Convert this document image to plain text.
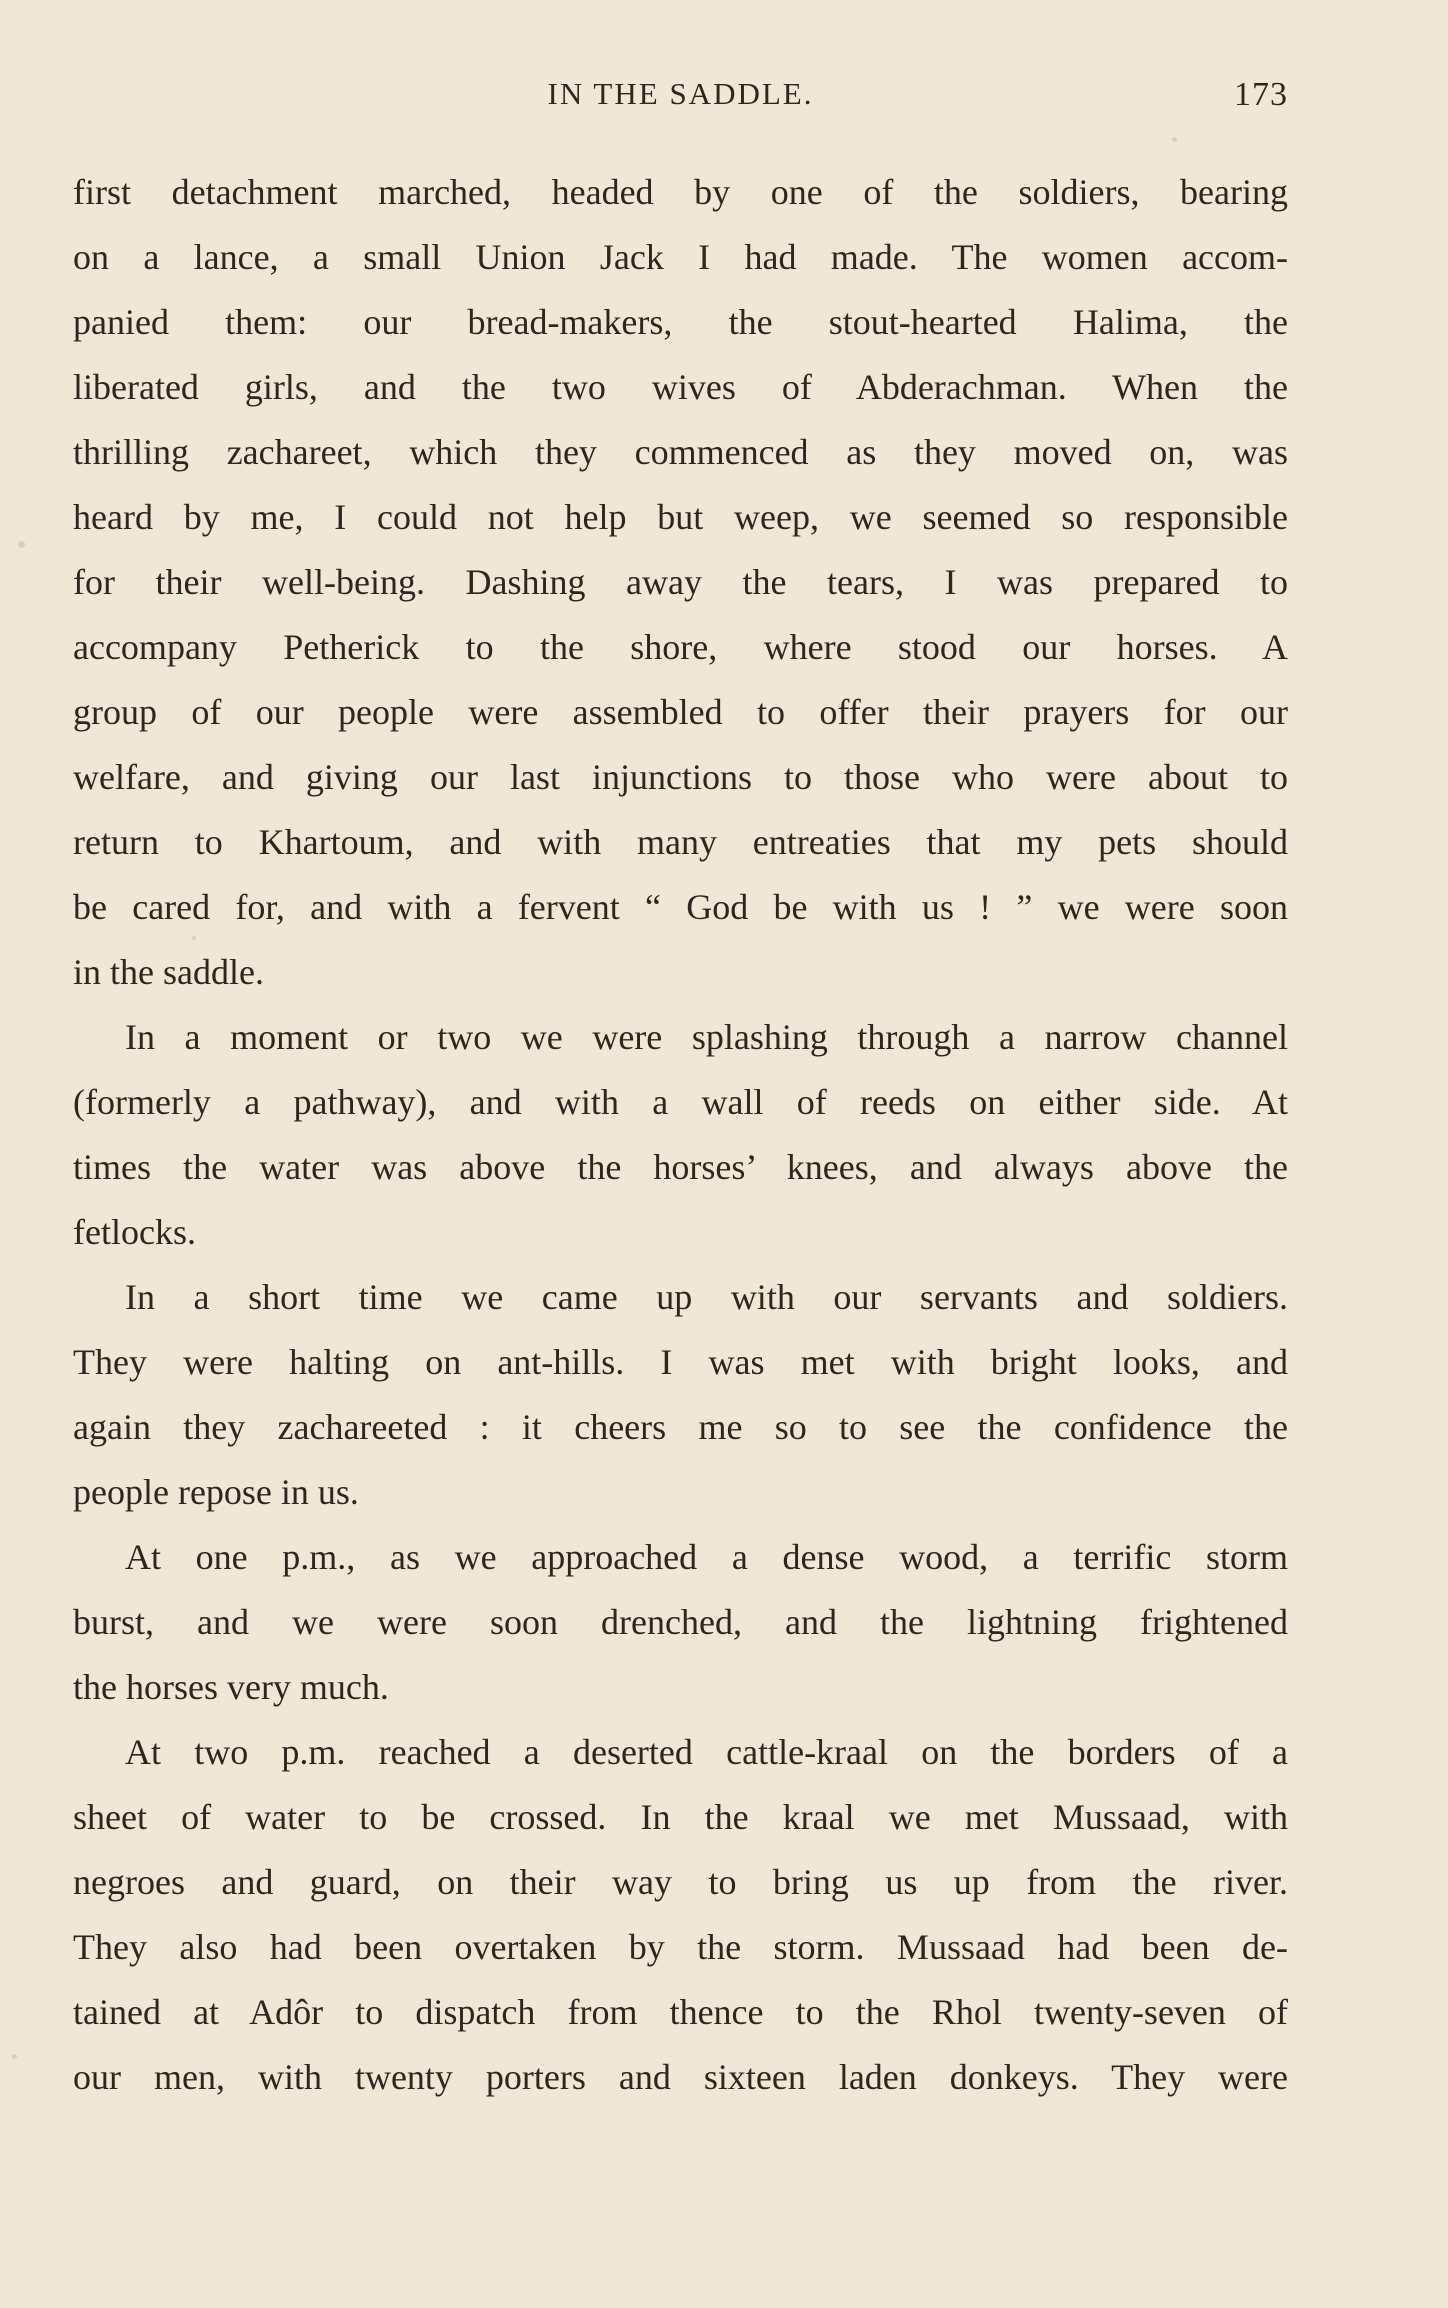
IN THE SADDLE.	173
first detachment marched, headed by one of the soldiers, bearing
on a lance, a small Union Jack I had made. The women accom-
panied them: our bread-makers, the stout-hearted Halima, the
liberated girls, and the two wives of Abderachman. When the
thrilling zachareet, which they commenced as they moved on, was
heard by me, I could not help but weep, we seemed so responsible
for their well-being. Dashing away the tears, I was prepared to
accompany Petherick to the shore, where stood our horses. A
group of our people were assembled to offer their prayers for our
welfare, and giving our last injunctions to those who were about to
return to Khartoum, and with many entreaties that my pets should
be cared for, and with a fervent “ God be with us ! ” we were soon
in the saddle.
In a moment or two we were splashing through a narrow channel
(formerly a pathway), and with a wall of reeds on either side. At
times the water was above the horses’ knees, and always above the
fetlocks.
In a short time we came up with our servants and soldiers.
They were halting on ant-hills. I was met with bright looks, and
again they zachareeted : it cheers me so to see the confidence the
people repose in us.
At one p.m., as we approached a dense wood, a terrific storm
burst, and we were soon drenched, and the lightning frightened
the horses very much.
At two p.m. reached a deserted cattle-kraal on the borders of a
sheet of water to be crossed. In the kraal we met Mussaad, with
negroes and guard, on their way to bring us up from the river.
They also had been overtaken by the storm. Mussaad had been de-
tained at Adôr to dispatch from thence to the Rhol twenty-seven of
our men, with twenty porters and sixteen laden donkeys. They were
